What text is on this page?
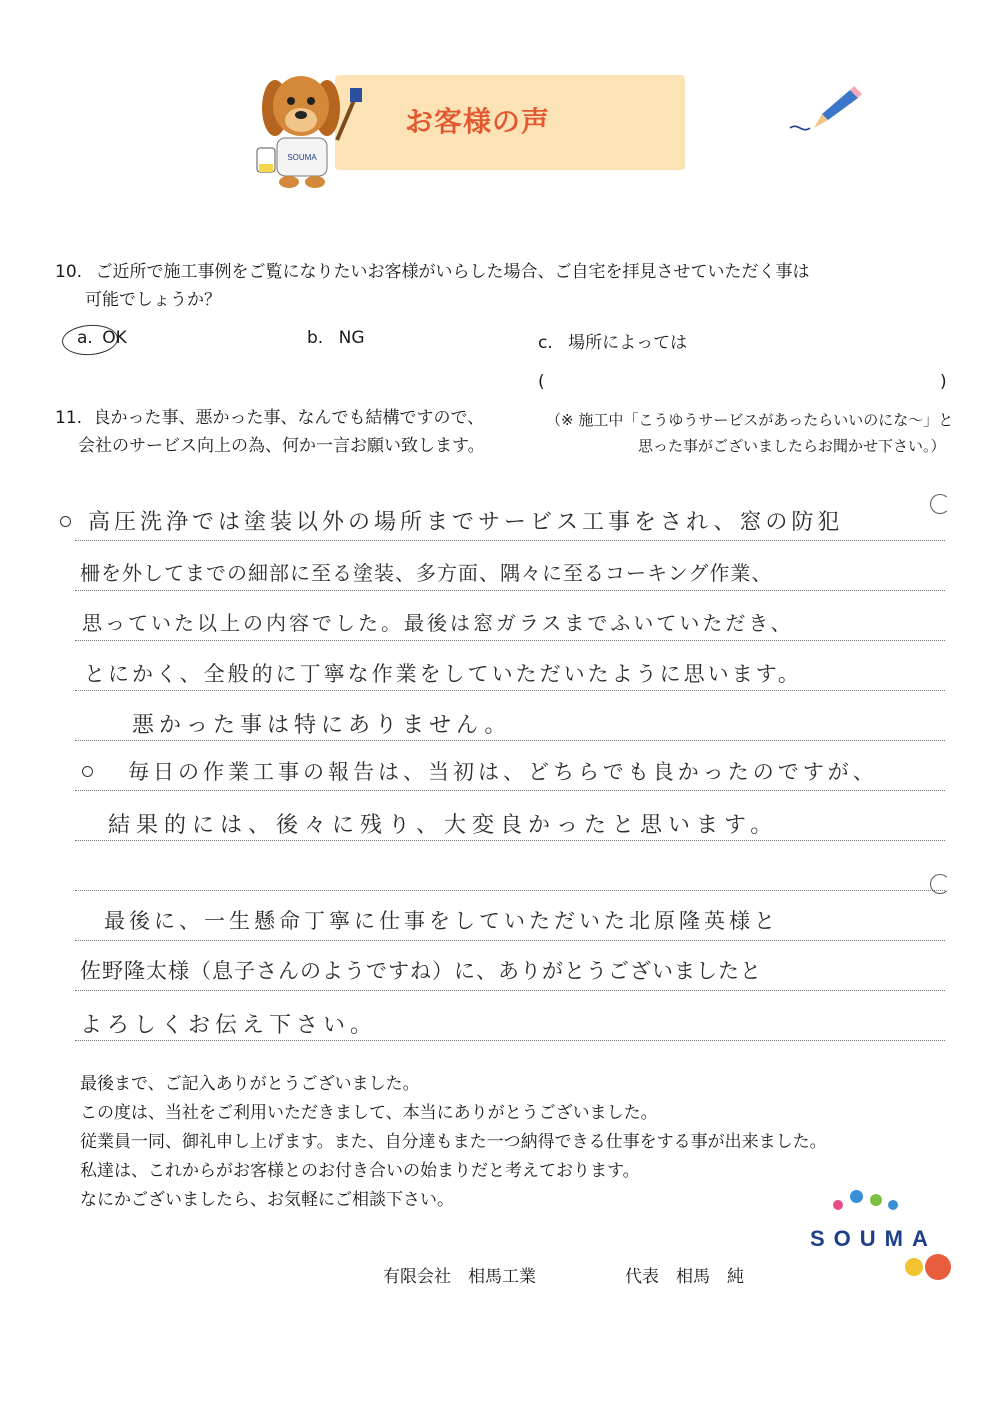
お客様の声
SOUMA
10. ご近所で施工事例をご覧になりたいお客様がいらした場合、ご自宅を拝見させていただく事は
可能でしょうか？
a. OK	b. NG	c. 場所によっては
(	)
11. 良かった事、悪かった事、なんでも結構ですので、
会社のサービス向上の為、何か一言お願い致します。
（※ 施工中「こうゆうサービスがあったらいいのにな～」と
思った事がございましたらお聞かせ下さい。）
高圧洗浄では塗装以外の場所までサービス工事をされ、窓の防犯
柵を外してまでの細部に至る塗装、多方面、隅々に至るコーキング作業、
思っていた以上の内容でした。最後は窓ガラスまでふいていただき、
とにかく、全般的に丁寧な作業をしていただいたように思います。
悪かった事は特にありません。
毎日の作業工事の報告は、当初は、どちらでも良かったのですが、
結果的には、後々に残り、大変良かったと思います。
最後に、一生懸命丁寧に仕事をしていただいた北原隆英様と
佐野隆太様（息子さんのようですね）に、ありがとうございましたと
よろしくお伝え下さい。
最後まで、ご記入ありがとうございました。
この度は、当社をご利用いただきまして、本当にありがとうございました。
従業員一同、御礼申し上げます。また、自分達もまた一つ納得できる仕事をする事が出来ました。
私達は、これからがお客様とのお付き合いの始まりだと考えております。
なにかございましたら、お気軽にご相談下さい。
SOUMA
有限会社　相馬工業	代表　相馬　純
